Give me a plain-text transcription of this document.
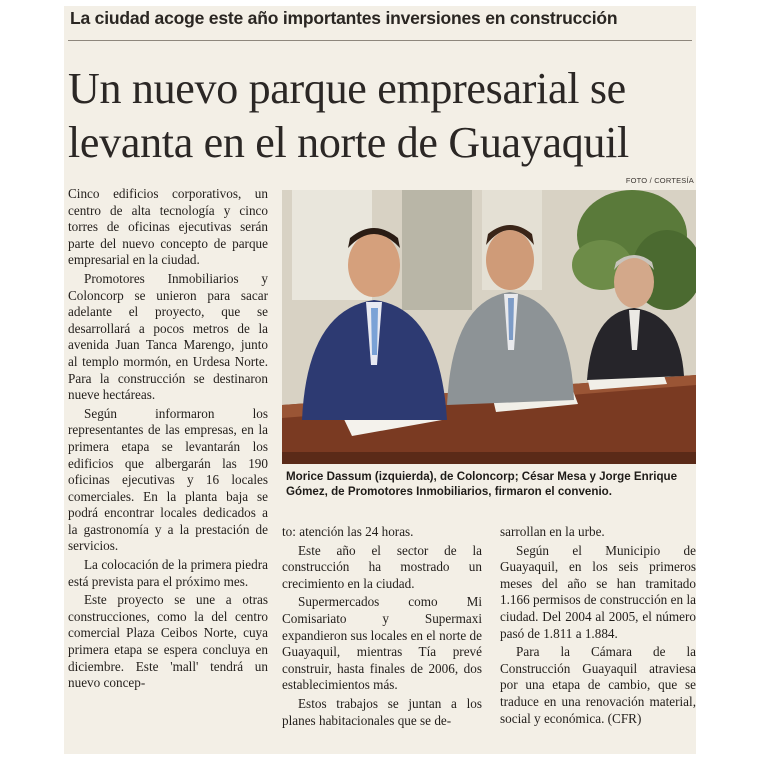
La ciudad acoge este año importantes inversiones en construcción
Un nuevo parque empresarial se
levanta en el norte de Guayaquil
FOTO / CORTESÍA

Cinco edificios corporativos, un centro de alta tecnología y cinco torres de oficinas ejecutivas serán parte del nuevo concepto de parque empresarial en la ciudad.

Promotores Inmobiliarios y Coloncorp se unieron para sacar adelante el proyecto, que se desarrollará a pocos metros de la avenida Juan Tanca Marengo, junto al templo mormón, en Urdesa Norte. Para la construcción se destinaron nueve hectáreas.

Según informaron los representantes de las empresas, en la primera etapa se levantarán los edificios que albergarán las 190 oficinas ejecutivas y 16 locales comerciales. En la planta baja se podrá encontrar locales dedicados a la gastronomía y a la prestación de servicios.

La colocación de la primera piedra está prevista para el próximo mes.

Este proyecto se une a otras construcciones, como la del centro comercial Plaza Ceibos Norte, cuya primera etapa se espera concluya en diciembre. Este 'mall' tendrá un nuevo concep-

Morice Dassum (izquierda), de Coloncorp; César Mesa y Jorge Enrique Gómez, de Promotores Inmobiliarios, firmaron el convenio.

to: atención las 24 horas.

Este año el sector de la construcción ha mostrado un crecimiento en la ciudad.

Supermercados como Mi Comisariato y Supermaxi expandieron sus locales en el norte de Guayaquil, mientras Tía prevé construir, hasta finales de 2006, dos establecimientos más.

Estos trabajos se juntan a los planes habitacionales que se de-

sarrollan en la urbe.

Según el Municipio de Guayaquil, en los seis primeros meses del año se han tramitado 1.166 permisos de construcción en la ciudad. Del 2004 al 2005, el número pasó de 1.811 a 1.884.

Para la Cámara de la Construcción Guayaquil atraviesa por una etapa de cambio, que se traduce en una renovación material, social y económica. (CFR)
